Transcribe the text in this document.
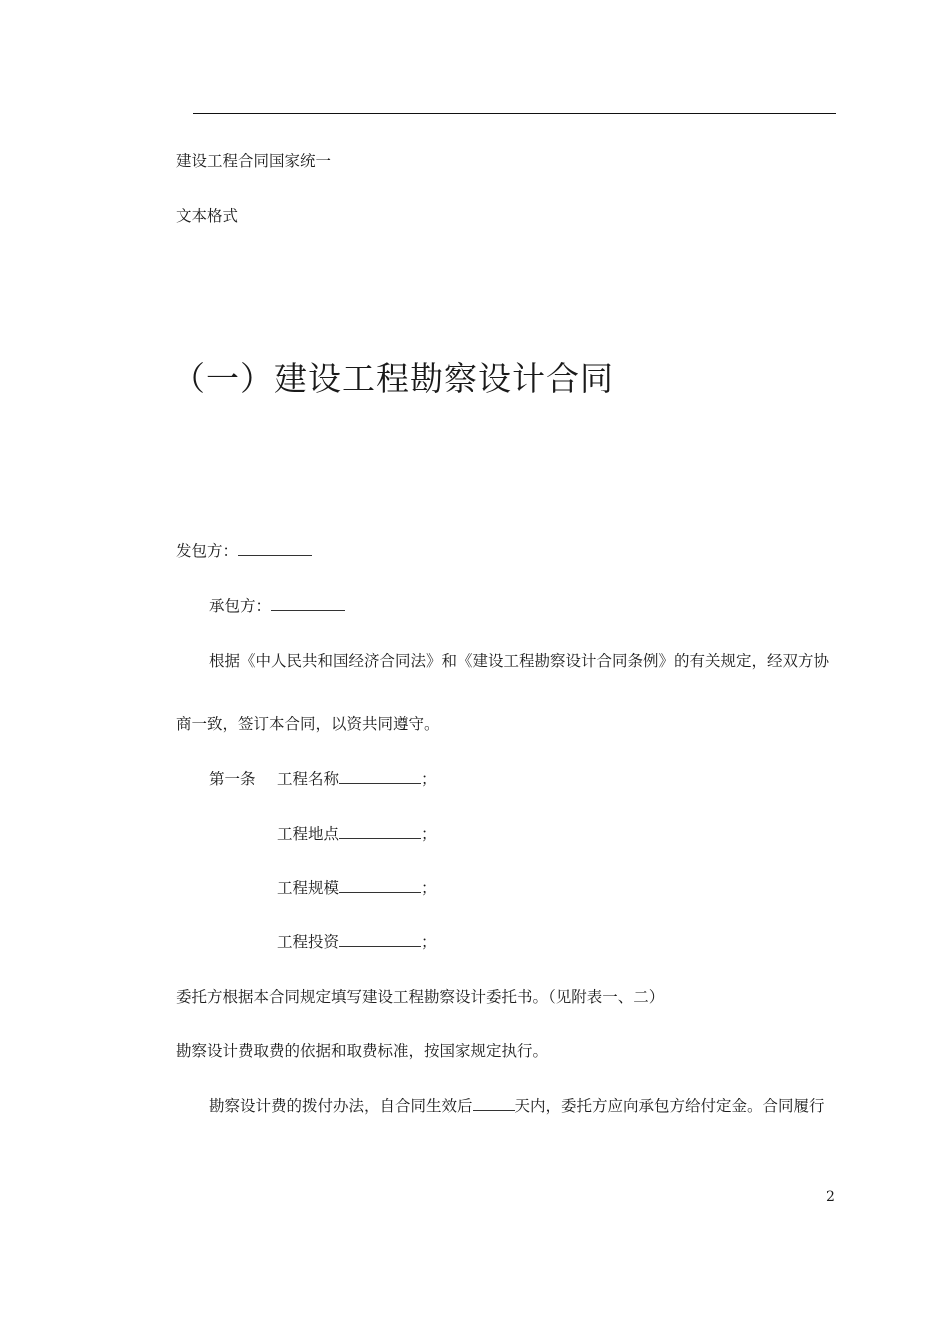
建设工程合同国家统一
文本格式
（一）建设工程勘察设计合同
发包方：
承包方：
根据《中人民共和国经济合同法》和《建设工程勘察设计合同条例》的有关规定，经双方协
商一致，签订本合同，以资共同遵守。
第一条 工程名称	；
工程地点	；
工程规模	；
工程投资	；
委托方根据本合同规定填写建设工程勘察设计委托书。（见附表一、二）
勘察设计费取费的依据和取费标准，按国家规定执行。
勘察设计费的拨付办法，自合同生效后	天内，委托方应向承包方给付定金。合同履行
2
